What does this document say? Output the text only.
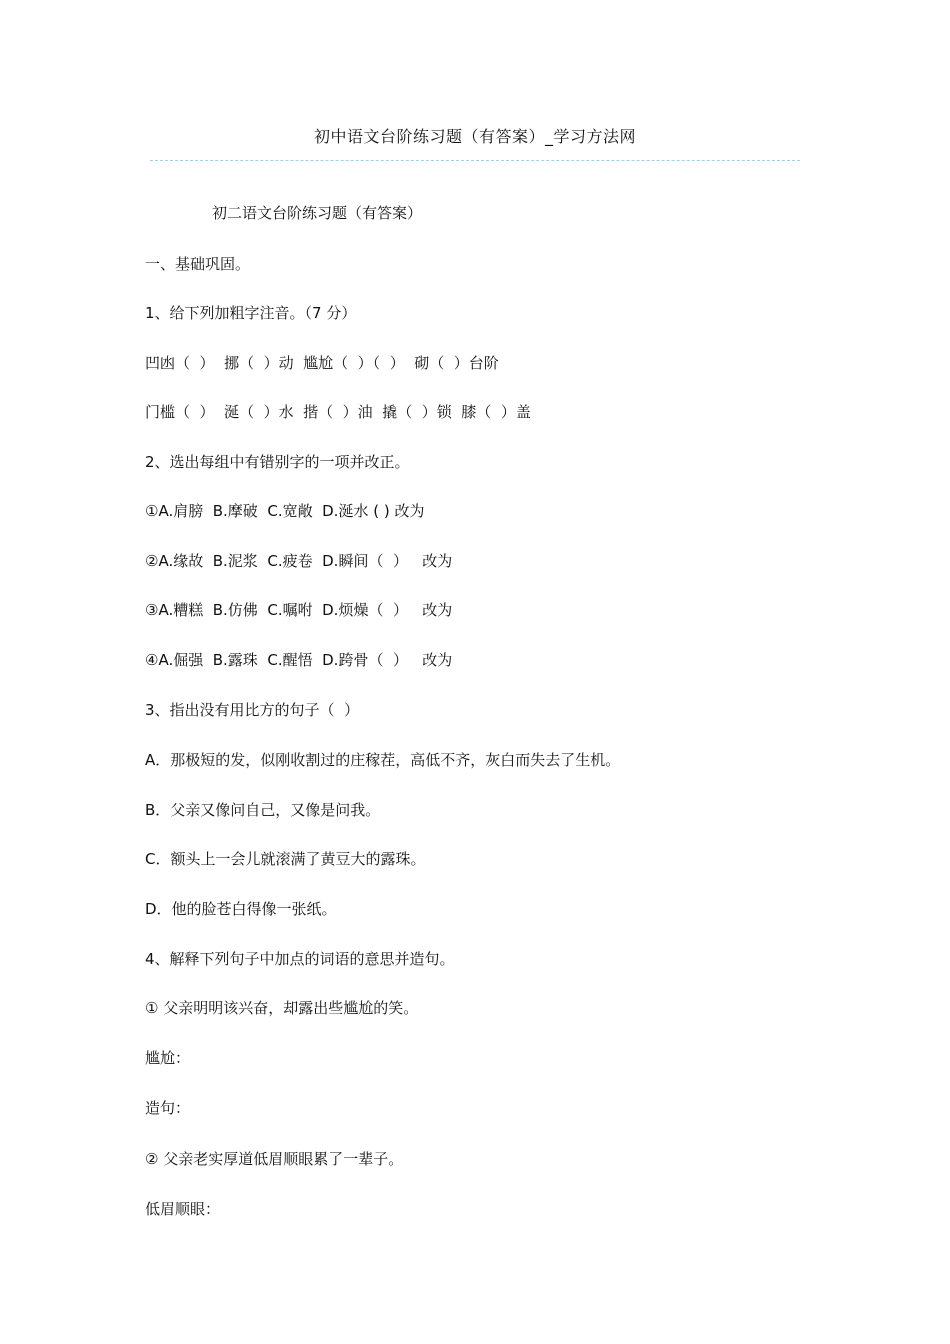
初中语文台阶练习题（有答案）_学习方法网
初二语文台阶练习题（有答案）
一、基础巩固。
1、给下列加粗字注音。（7 分）
凹凼（  ）  挪（  ）动  尴尬（  ）（  ）  砌（  ）台阶
门槛（  ）  涎（  ）水  揩（  ）油  撬（  ）锁  膝（  ）盖
2、选出每组中有错别字的一项并改正。
①A.肩膀  B.摩破  C.宽敞  D.涎水 ( ) 改为
②A.缘故  B.泥浆  C.疲卷  D.瞬间（  ）   改为
③A.糟糕  B.仿佛  C.嘱咐  D.烦燥（  ）   改为
④A.倔强  B.露珠  C.醒悟  D.跨骨（  ）   改为
3、指出没有用比方的句子（  ）
A．那极短的发，似刚收割过的庄稼茬，高低不齐，灰白而失去了生机。
B．父亲又像问自己，又像是问我。
C．额头上一会儿就滚满了黄豆大的露珠。
D．他的脸苍白得像一张纸。
4、解释下列句子中加点的词语的意思并造句。
① 父亲明明该兴奋，却露出些尴尬的笑。
尴尬：
造句：
② 父亲老实厚道低眉顺眼累了一辈子。
低眉顺眼：
